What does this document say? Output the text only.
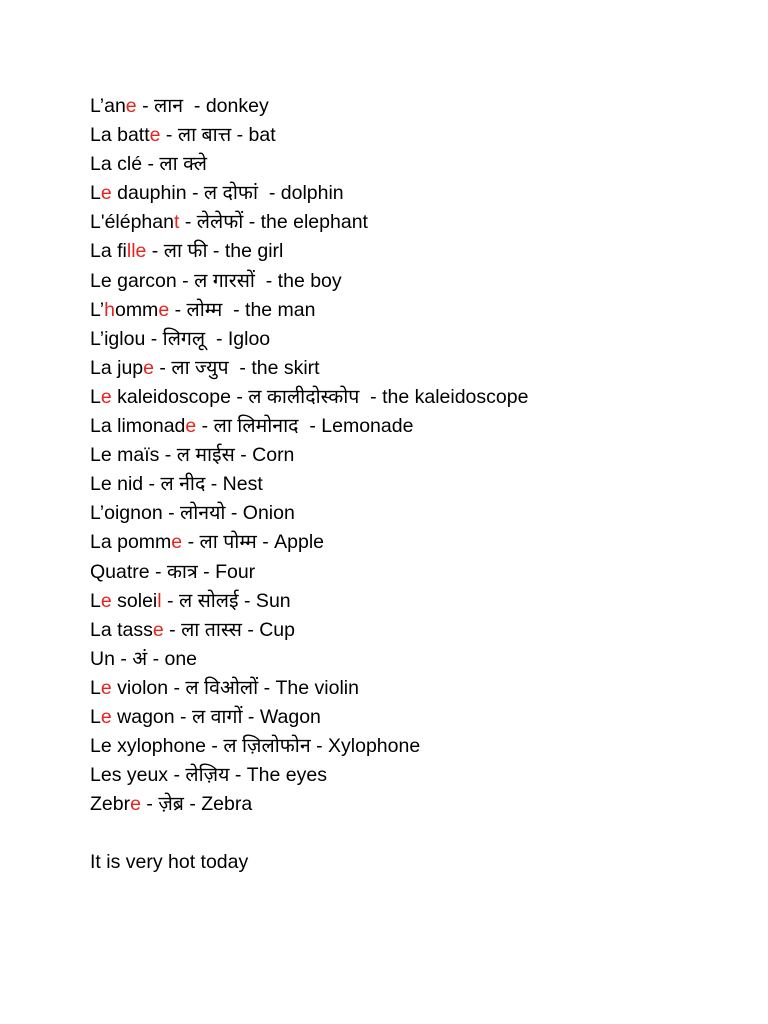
L’ane - लान  - donkey
La batte - ला बात्त - bat
La clé - ला क्ले
Le dauphin - ल दोफां  - dolphin
L'éléphant - लेलेफों - the elephant
La fille - ला फी - the girl
Le garcon - ल गारसों  - the boy
L’homme - लोम्म  - the man
L’iglou - लिगलू  - Igloo
La jupe - ला ज्युप  - the skirt
Le kaleidoscope - ल कालीदोस्कोप  - the kaleidoscope
La limonade - ला लिमोनाद  - Lemonade
Le maïs - ल माईस - Corn
Le nid - ल नीद - Nest
L’oignon - लोनयो - Onion
La pomme - ला पोम्म - Apple
Quatre - कात्र - Four
Le soleil - ल सोलई - Sun
La tasse - ला तास्स - Cup
Un - अं - one
Le violon - ल विओलों - The violin
Le wagon - ल वागों - Wagon
Le xylophone - ल ज़िलोफोन - Xylophone
Les yeux - लेज़िय - The eyes
Zebre - ज़ेब्र - Zebra
It is very hot today
